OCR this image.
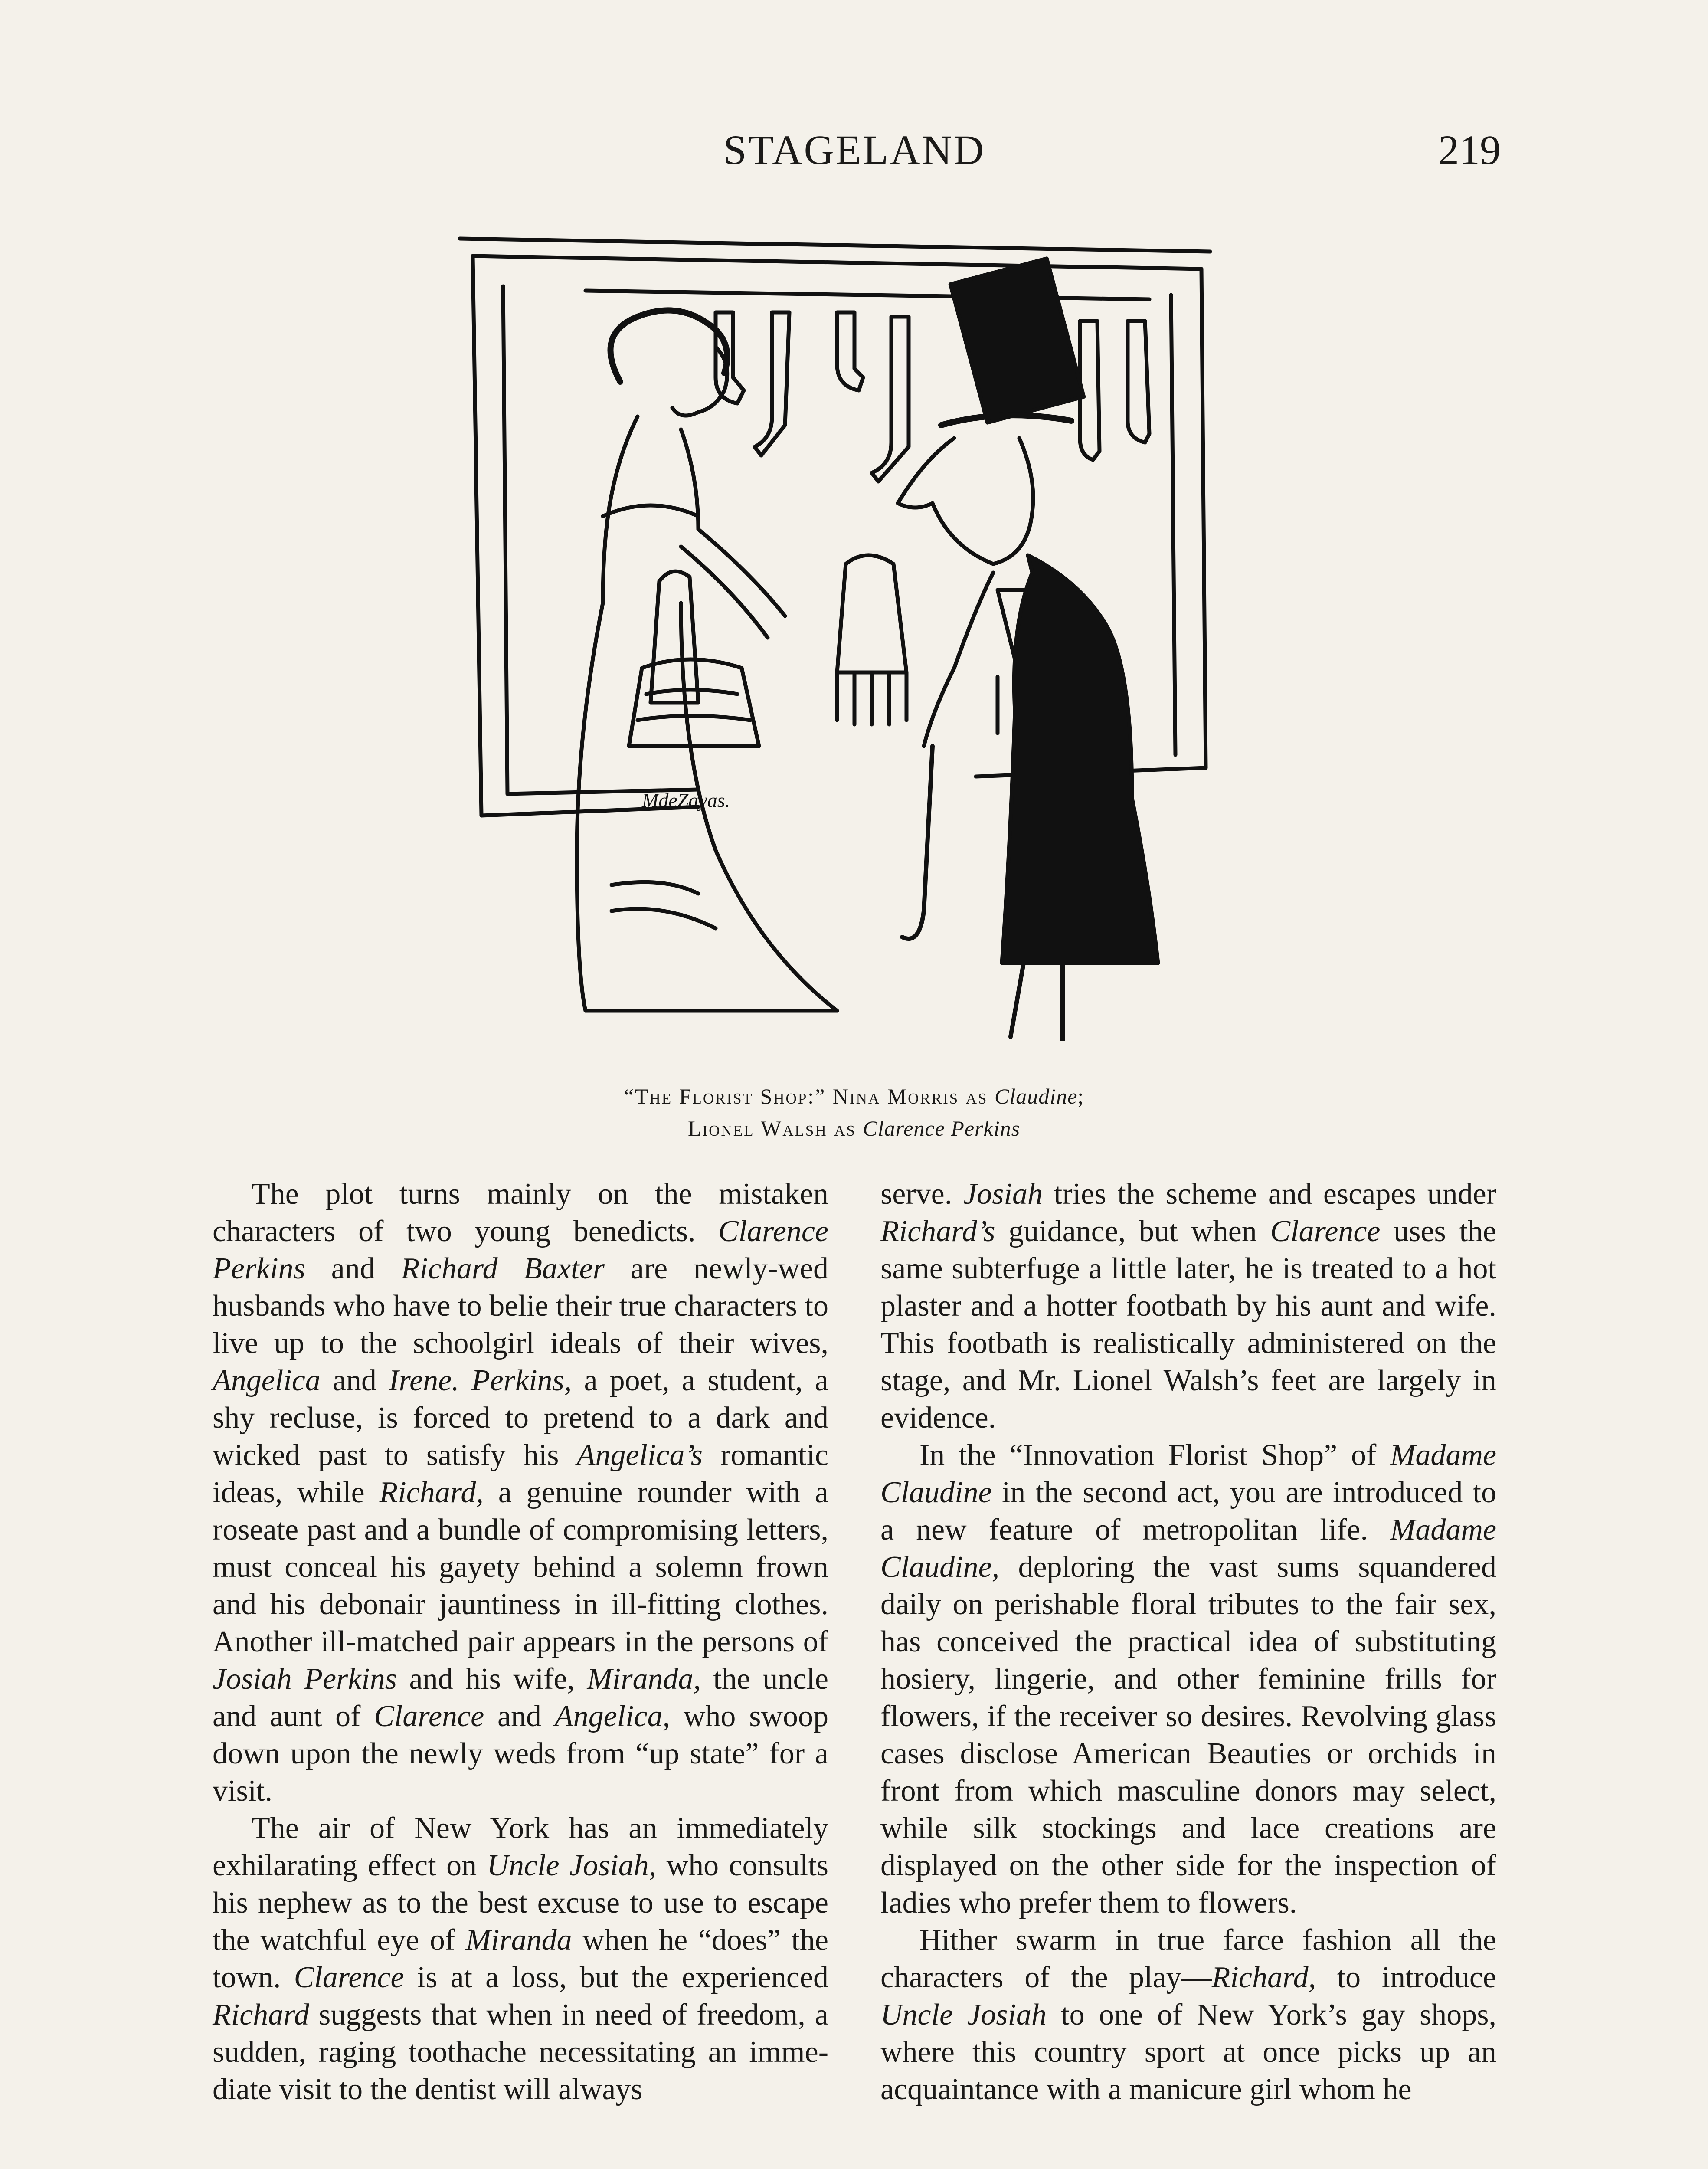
STAGELAND	219
MdeZayas.
“The Florist Shop:” Nina Morris as Claudine;
Lionel Walsh as Clarence Perkins

The plot turns mainly on the mistaken characters of two young benedicts. Clarence Perkins and Richard Baxter are newly-wed husbands who have to belie their true characters to live up to the schoolgirl ideals of their wives, Angelica and Irene. Perkins, a poet, a student, a shy recluse, is forced to pretend to a dark and wicked past to satisfy his Angelica’s romantic ideas, while Richard, a genuine rounder with a roseate past and a bundle of compromising letters, must conceal his gayety behind a solemn frown and his debonair jauntiness in ill-fitting clothes. Another ill-matched pair appears in the persons of Josiah Perkins and his wife, Miranda, the uncle and aunt of Clarence and Angelica, who swoop down upon the newly weds from “up state” for a visit.

The air of New York has an immediately exhilarating effect on Uncle Josiah, who consults his nephew as to the best excuse to use to escape the watchful eye of Miranda when he “does” the town. Clarence is at a loss, but the experienced Richard suggests that when in need of freedom, a sudden, raging toothache necessitating an immediate visit to the dentist will always

serve. Josiah tries the scheme and escapes under Richard’s guidance, but when Clarence uses the same subterfuge a little later, he is treated to a hot plaster and a hotter footbath by his aunt and wife. This footbath is realistically administered on the stage, and Mr. Lionel Walsh’s feet are largely in evidence.

In the “Innovation Florist Shop” of Madame Claudine in the second act, you are introduced to a new feature of metropolitan life. Madame Claudine, deploring the vast sums squandered daily on perishable floral tributes to the fair sex, has conceived the practical idea of substituting hosiery, lingerie, and other feminine frills for flowers, if the receiver so desires. Revolving glass cases disclose American Beauties or orchids in front from which masculine donors may select, while silk stockings and lace creations are displayed on the other side for the inspection of ladies who prefer them to flowers.

Hither swarm in true farce fashion all the characters of the play—Richard, to introduce Uncle Josiah to one of New York’s gay shops, where this country sport at once picks up an acquaintance with a manicure girl whom he
